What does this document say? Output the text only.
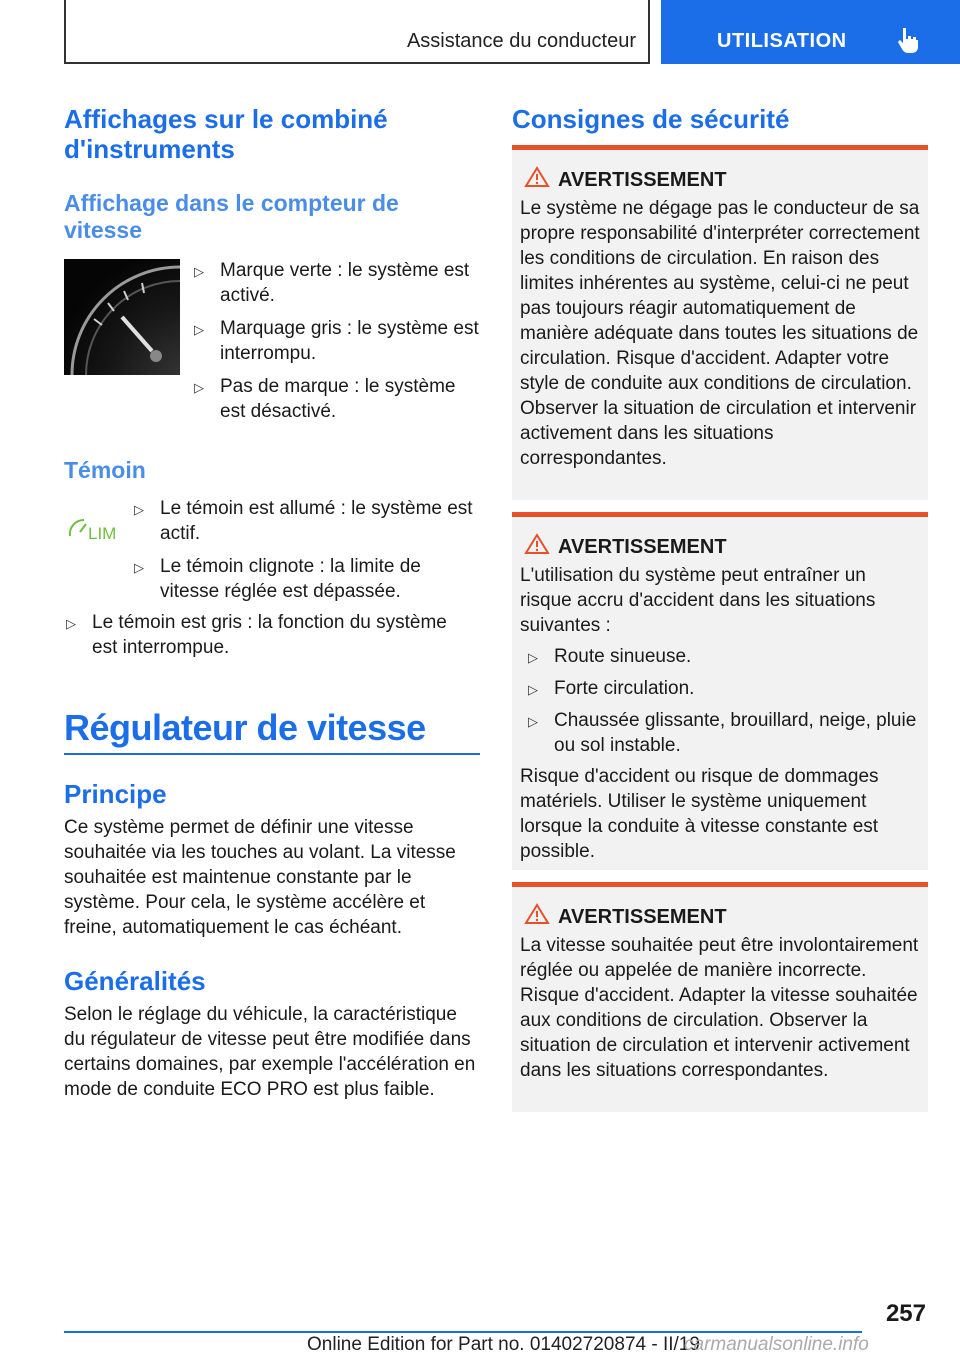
Assistance du conducteur	UTILISATION
Affichages sur le combiné d'instruments
Affichage dans le compteur de vitesse
▷ Marque verte : le système est activé.
▷ Marquage gris : le système est interrompu.
▷ Pas de marque : le système est désactivé.
Témoin
LIM
▷ Le témoin est allumé : le système est actif.
▷ Le témoin clignote : la limite de vitesse réglée est dépassée.
▷ Le témoin est gris : la fonction du système est interrompue.
Régulateur de vitesse
Principe
Ce système permet de définir une vitesse souhaitée via les touches au volant. La vitesse souhaitée est maintenue constante par le système. Pour cela, le système accélère et freine, automatiquement le cas échéant.
Généralités
Selon le réglage du véhicule, la caractéristique du régulateur de vitesse peut être modifiée dans certains domaines, par exemple l'accélération en mode de conduite ECO PRO est plus faible.
Consignes de sécurité
AVERTISSEMENT
Le système ne dégage pas le conducteur de sa propre responsabilité d'interpréter correctement les conditions de circulation. En raison des limites inhérentes au système, celui-ci ne peut pas toujours réagir automatiquement de manière adéquate dans toutes les situations de circulation. Risque d'accident. Adapter votre style de conduite aux conditions de circulation. Observer la situation de circulation et intervenir activement dans les situations correspondantes.
AVERTISSEMENT
L'utilisation du système peut entraîner un risque accru d'accident dans les situations suivantes :
▷ Route sinueuse.
▷ Forte circulation.
▷ Chaussée glissante, brouillard, neige, pluie ou sol instable.
Risque d'accident ou risque de dommages matériels. Utiliser le système uniquement lorsque la conduite à vitesse constante est possible.
AVERTISSEMENT
La vitesse souhaitée peut être involontairement réglée ou appelée de manière incorrecte. Risque d'accident. Adapter la vitesse souhaitée aux conditions de circulation. Observer la situation de circulation et intervenir activement dans les situations correspondantes.
257
Online Edition for Part no. 01402720874 - II/19
carmanualsonline.info
